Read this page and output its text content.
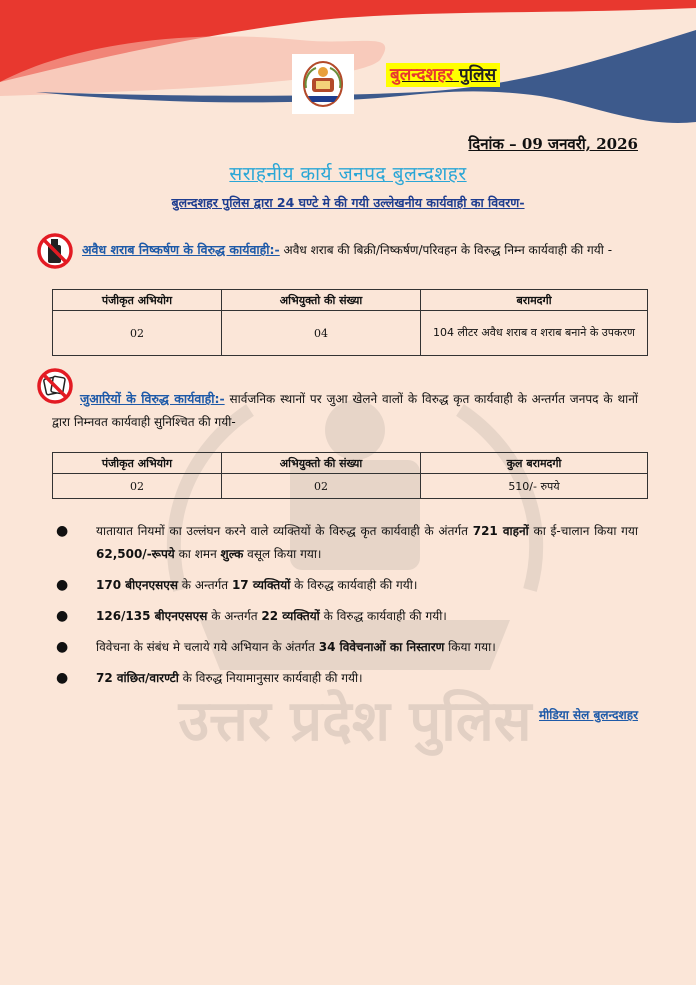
बुलन्दशहर पुलिस
उत्तर प्रदेश पुलिस
दिनांक – 09 जनवरी, 2026
सराहनीय कार्य जनपद बुलन्दशहर
बुलन्दशहर पुलिस द्वारा 24 घण्टे मे की गयी उल्लेखनीय कार्यवाही का विवरण-
अवैध शराब निष्कर्षण के विरुद्ध कार्यवाही:- अवैध शराब की बिक्री/निष्कर्षण/परिवहन के विरुद्ध निम्न कार्यवाही की गयी -
पंजीकृत अभियोग	अभियुक्तो की संख्या	बरामदगी
02	04	104 लीटर अवैध शराब व शराब बनाने के उपकरण
जुआरियों के विरुद्ध कार्यवाही:- सार्वजनिक स्थानों पर जुआ खेलने वालों के विरुद्ध कृत कार्यवाही के अन्तर्गत जनपद के थानों द्वारा निम्नवत कार्यवाही सुनिश्चित की गयी-
पंजीकृत अभियोग	अभियुक्तो की संख्या	कुल बरामदगी
02	02	510/- रुपये
● यातायात नियमों का उल्लंघन करने वाले व्यक्तियों के विरुद्ध कृत कार्यवाही के अंतर्गत 721 वाहनों का ई-चालान किया गया 62,500/-रूपये का शमन शुल्क वसूल किया गया।
● 170 बीएनएसएस के अन्तर्गत 17 व्यक्तियों के विरुद्ध कार्यवाही की गयी।
● 126/135 बीएनएसएस के अन्तर्गत 22 व्यक्तियों के विरुद्ध कार्यवाही की गयी।
● विवेचना के संबंध मे चलाये गये अभियान के अंतर्गत 34 विवेचनाओं का निस्तारण किया गया।
● 72 वांछित/वारण्टी के विरुद्ध नियामानुसार कार्यवाही की गयी।
मीडिया सेल बुलन्दशहर
